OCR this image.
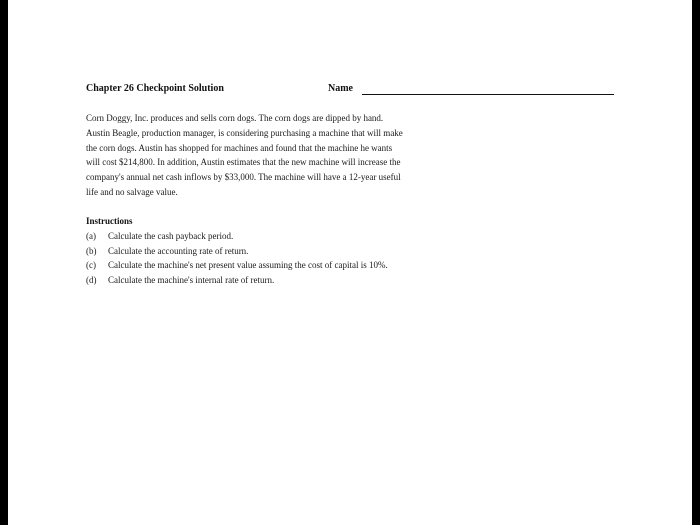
Chapter 26 Checkpoint Solution	Name
Corn Doggy, Inc. produces and sells corn dogs. The corn dogs are dipped by hand.
Austin Beagle, production manager, is considering purchasing a machine that will make
the corn dogs. Austin has shopped for machines and found that the machine he wants
will cost $214,800. In addition, Austin estimates that the new machine will increase the
company's annual net cash inflows by $33,000. The machine will have a 12-year useful
life and no salvage value.
Instructions
(a)	Calculate the cash payback period.
(b)	Calculate the accounting rate of return.
(c)	Calculate the machine's net present value assuming the cost of capital is 10%.
(d)	Calculate the machine's internal rate of return.
